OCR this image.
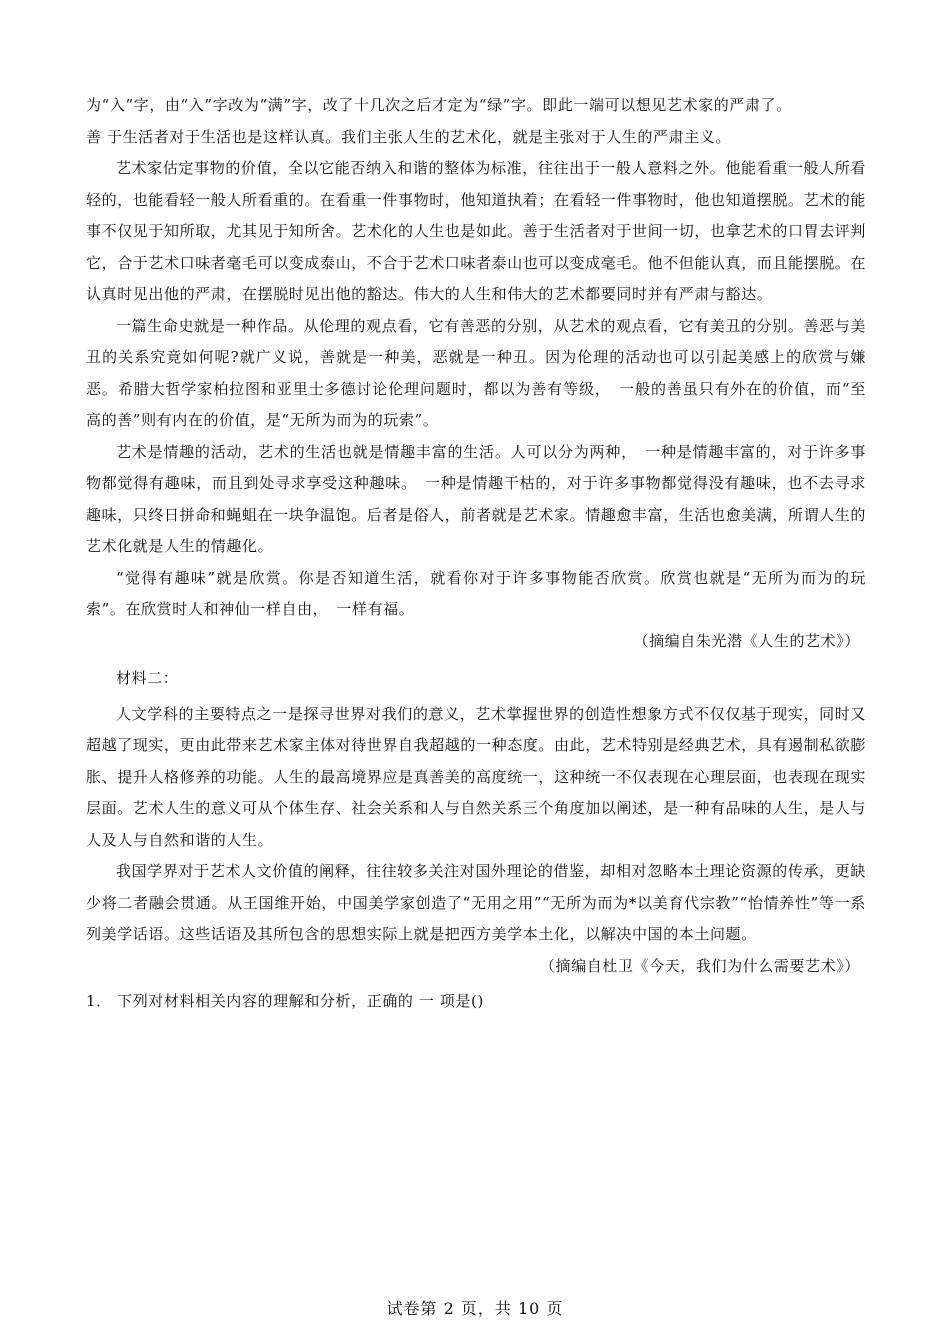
为“入”字，由“入”字改为“满”字，改了十几次之后才定为“绿”字。即此一端可以想见艺术家的严肃了。

善 于生活者对于生活也是这样认真。我们主张人生的艺术化，就是主张对于人生的严肃主义。

艺术家估定事物的价值，全以它能否纳入和谐的整体为标准，往往出于一般人意料之外。他能看重一般人所看轻的，也能看轻一般人所看重的。在看重一件事物时，他知道执着；在看轻一件事物时，他也知道摆脱。艺术的能事不仅见于知所取，尤其见于知所舍。艺术化的人生也是如此。善于生活者对于世间一切，也拿艺术的口胃去评判它，合于艺术口味者毫毛可以变成泰山，不合于艺术口味者泰山也可以变成毫毛。他不但能认真，而且能摆脱。在认真时见出他的严肃，在摆脱时见出他的豁达。伟大的人生和伟大的艺术都要同时并有严肃与豁达。

一篇生命史就是一种作品。从伦理的观点看，它有善恶的分别，从艺术的观点看，它有美丑的分别。善恶与美丑的关系究竟如何呢?就广义说，善就是一种美，恶就是一种丑。因为伦理的活动也可以引起美感上的欣赏与嫌恶。希腊大哲学家柏拉图和亚里士多德讨论伦理问题时，都以为善有等级，　一般的善虽只有外在的价值，而“至高的善”则有内在的价值，是“无所为而为的玩索”。

艺术是情趣的活动，艺术的生活也就是情趣丰富的生活。人可以分为两种，　一种是情趣丰富的，对于许多事物都觉得有趣味，而且到处寻求享受这种趣味。　一种是情趣干枯的，对于许多事物都觉得没有趣味，也不去寻求趣味，只终日拼命和蝇蛆在一块争温饱。后者是俗人，前者就是艺术家。情趣愈丰富，生活也愈美满，所谓人生的艺术化就是人生的情趣化。

“觉得有趣味”就是欣赏。你是否知道生活，就看你对于许多事物能否欣赏。欣赏也就是“无所为而为的玩索”。在欣赏时人和神仙一样自由，　一样有福。

（摘编自朱光潜《人生的艺术》）

材料二：

人文学科的主要特点之一是探寻世界对我们的意义，艺术掌握世界的创造性想象方式不仅仅基于现实，同时又超越了现实，更由此带来艺术家主体对待世界自我超越的一种态度。由此，艺术特别是经典艺术，具有遏制私欲膨胀、提升人格修养的功能。人生的最高境界应是真善美的高度统一，这种统一不仅表现在心理层面，也表现在现实层面。艺术人生的意义可从个体生存、社会关系和人与自然关系三个角度加以阐述，是一种有品味的人生，是人与人及人与自然和谐的人生。

我国学界对于艺术人文价值的阐释，往往较多关注对国外理论的借鉴，却相对忽略本土理论资源的传承，更缺少将二者融会贯通。从王国维开始，中国美学家创造了“无用之用”“无所为而为*以美育代宗教”“怡情养性”等一系列美学话语。这些话语及其所包含的思想实际上就是把西方美学本土化，以解决中国的本土问题。

（摘编自杜卫《今天，我们为什么需要艺术》）

1． 下列对材料相关内容的理解和分析，正确的 一 项是()

试卷第 2 页，共 10 页
